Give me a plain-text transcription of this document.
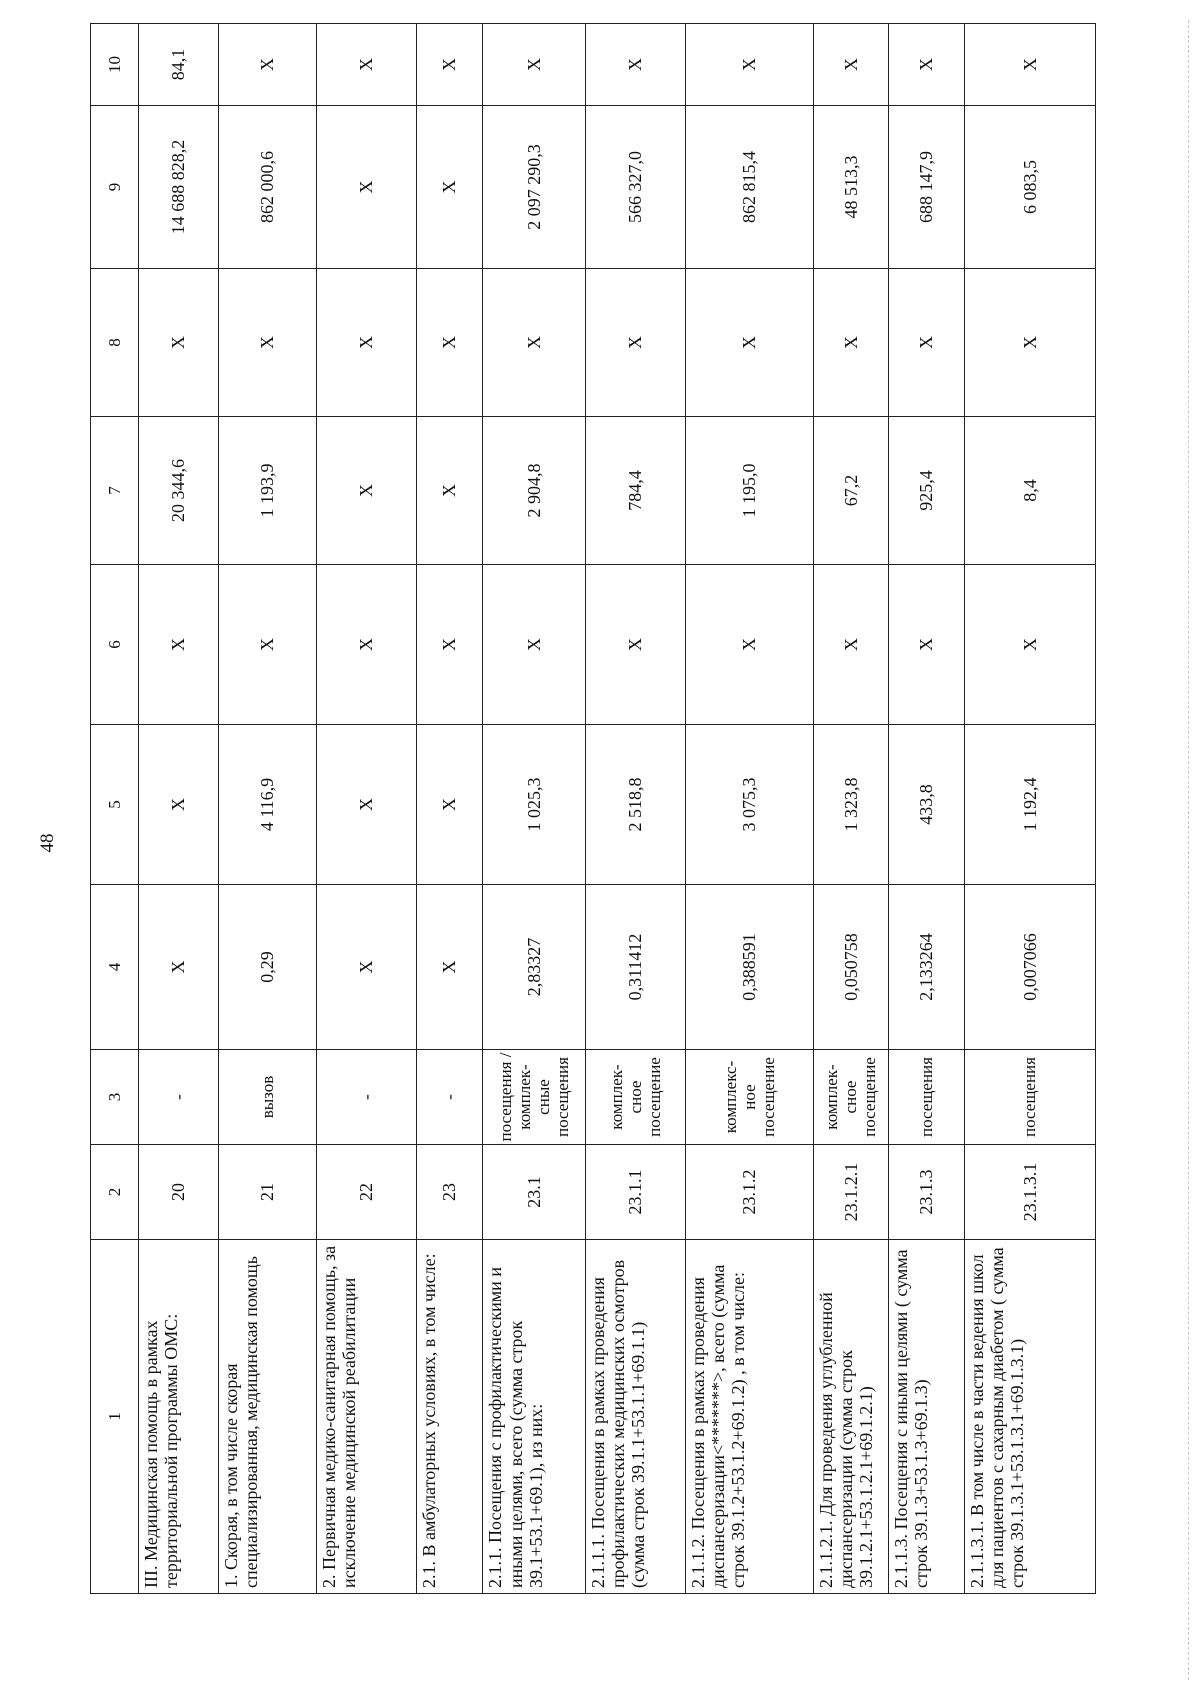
48
1	2	3	4	5	6	7	8	9	10
III. Медицинская помощь в рамках территориальной программы ОМС:	20	-	X	X	X	20 344,6	X	14 688 828,2	84,1
1. Скорая, в том числе скорая специализированная, медицинская помощь	21	вызов	0,29	4 116,9	X	1 193,9	X	862 000,6	X
2. Первичная медико-санитарная помощь, за исключение медицинской реабилитации	22	-	X	X	X	X	X	X	X
2.1. В амбулаторных условиях, в том числе:	23	-	X	X	X	X	X	X	X
2.1.1. Посещения с профилактическими и иными целями, всего (сумма строк 39.1+53.1+69.1), из них:	23.1	посещения /комплек-сные посещения	2,83327	1 025,3	X	2 904,8	X	2 097 290,3	X
2.1.1.1. Посещения в рамках проведения профилактических медицинских осмотров (сумма строк 39.1.1+53.1.1+69.1.1)	23.1.1	комплек-сное посещение	0,311412	2 518,8	X	784,4	X	566 327,0	X
2.1.1.2. Посещения в рамках проведения диспансеризации<*******>, всего (сумма строк 39.1.2+53.1.2+69.1.2) , в том числе:	23.1.2	комплекс-ное посещение	0,388591	3 075,3	X	1 195,0	X	862 815,4	X
2.1.1.2.1. Для проведения углубленной диспансеризации (сумма строк 39.1.2.1+53.1.2.1+69.1.2.1)	23.1.2.1	комплек-сное посещение	0,050758	1 323,8	X	67,2	X	48 513,3	X
2.1.1.3. Посещения с иными целями ( сумма строк 39.1.3+53.1.3+69.1.3)	23.1.3	посещения	2,133264	433,8	X	925,4	X	688 147,9	X
2.1.1.3.1. В том числе в части ведения школ для пациентов с сахарным диабетом ( сумма строк 39.1.3.1+53.1.3.1+69.1.3.1)	23.1.3.1	посещения	0,007066	1 192,4	X	8,4	X	6 083,5	X
